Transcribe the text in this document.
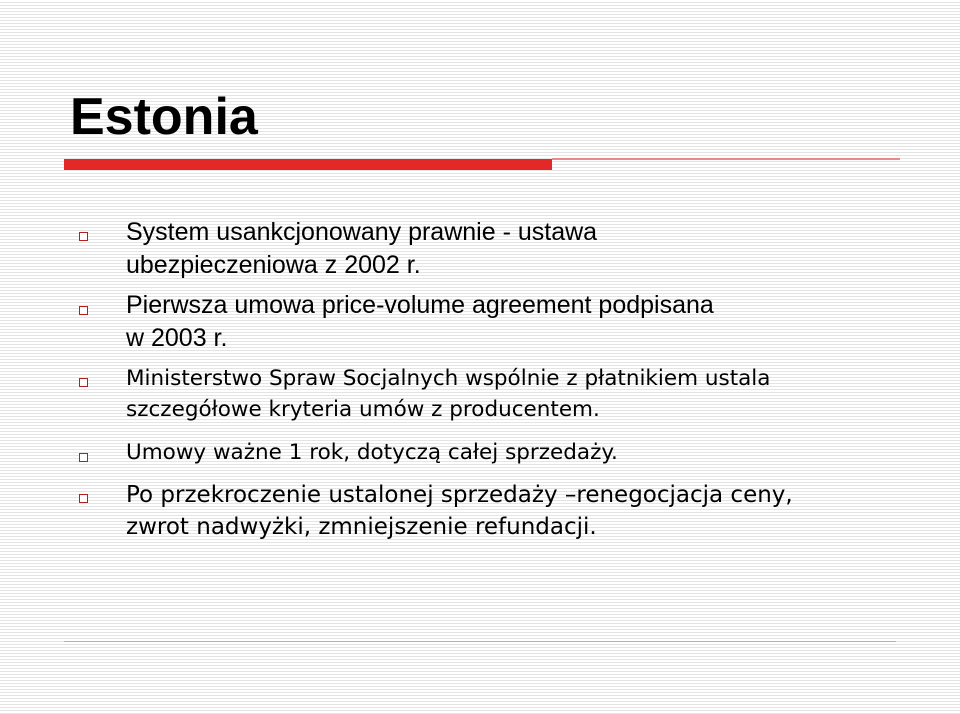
Estonia
System usankcjonowany prawnie - ustawa
ubezpieczeniowa z 2002 r.
Pierwsza umowa price-volume agreement podpisana
w 2003 r.
Ministerstwo Spraw Socjalnych wspólnie z płatnikiem ustala
szczegółowe kryteria umów z producentem.
Umowy ważne 1 rok, dotyczą całej sprzedaży.
Po przekroczenie ustalonej sprzedaży –renegocjacja ceny,
zwrot nadwyżki, zmniejszenie refundacji.
